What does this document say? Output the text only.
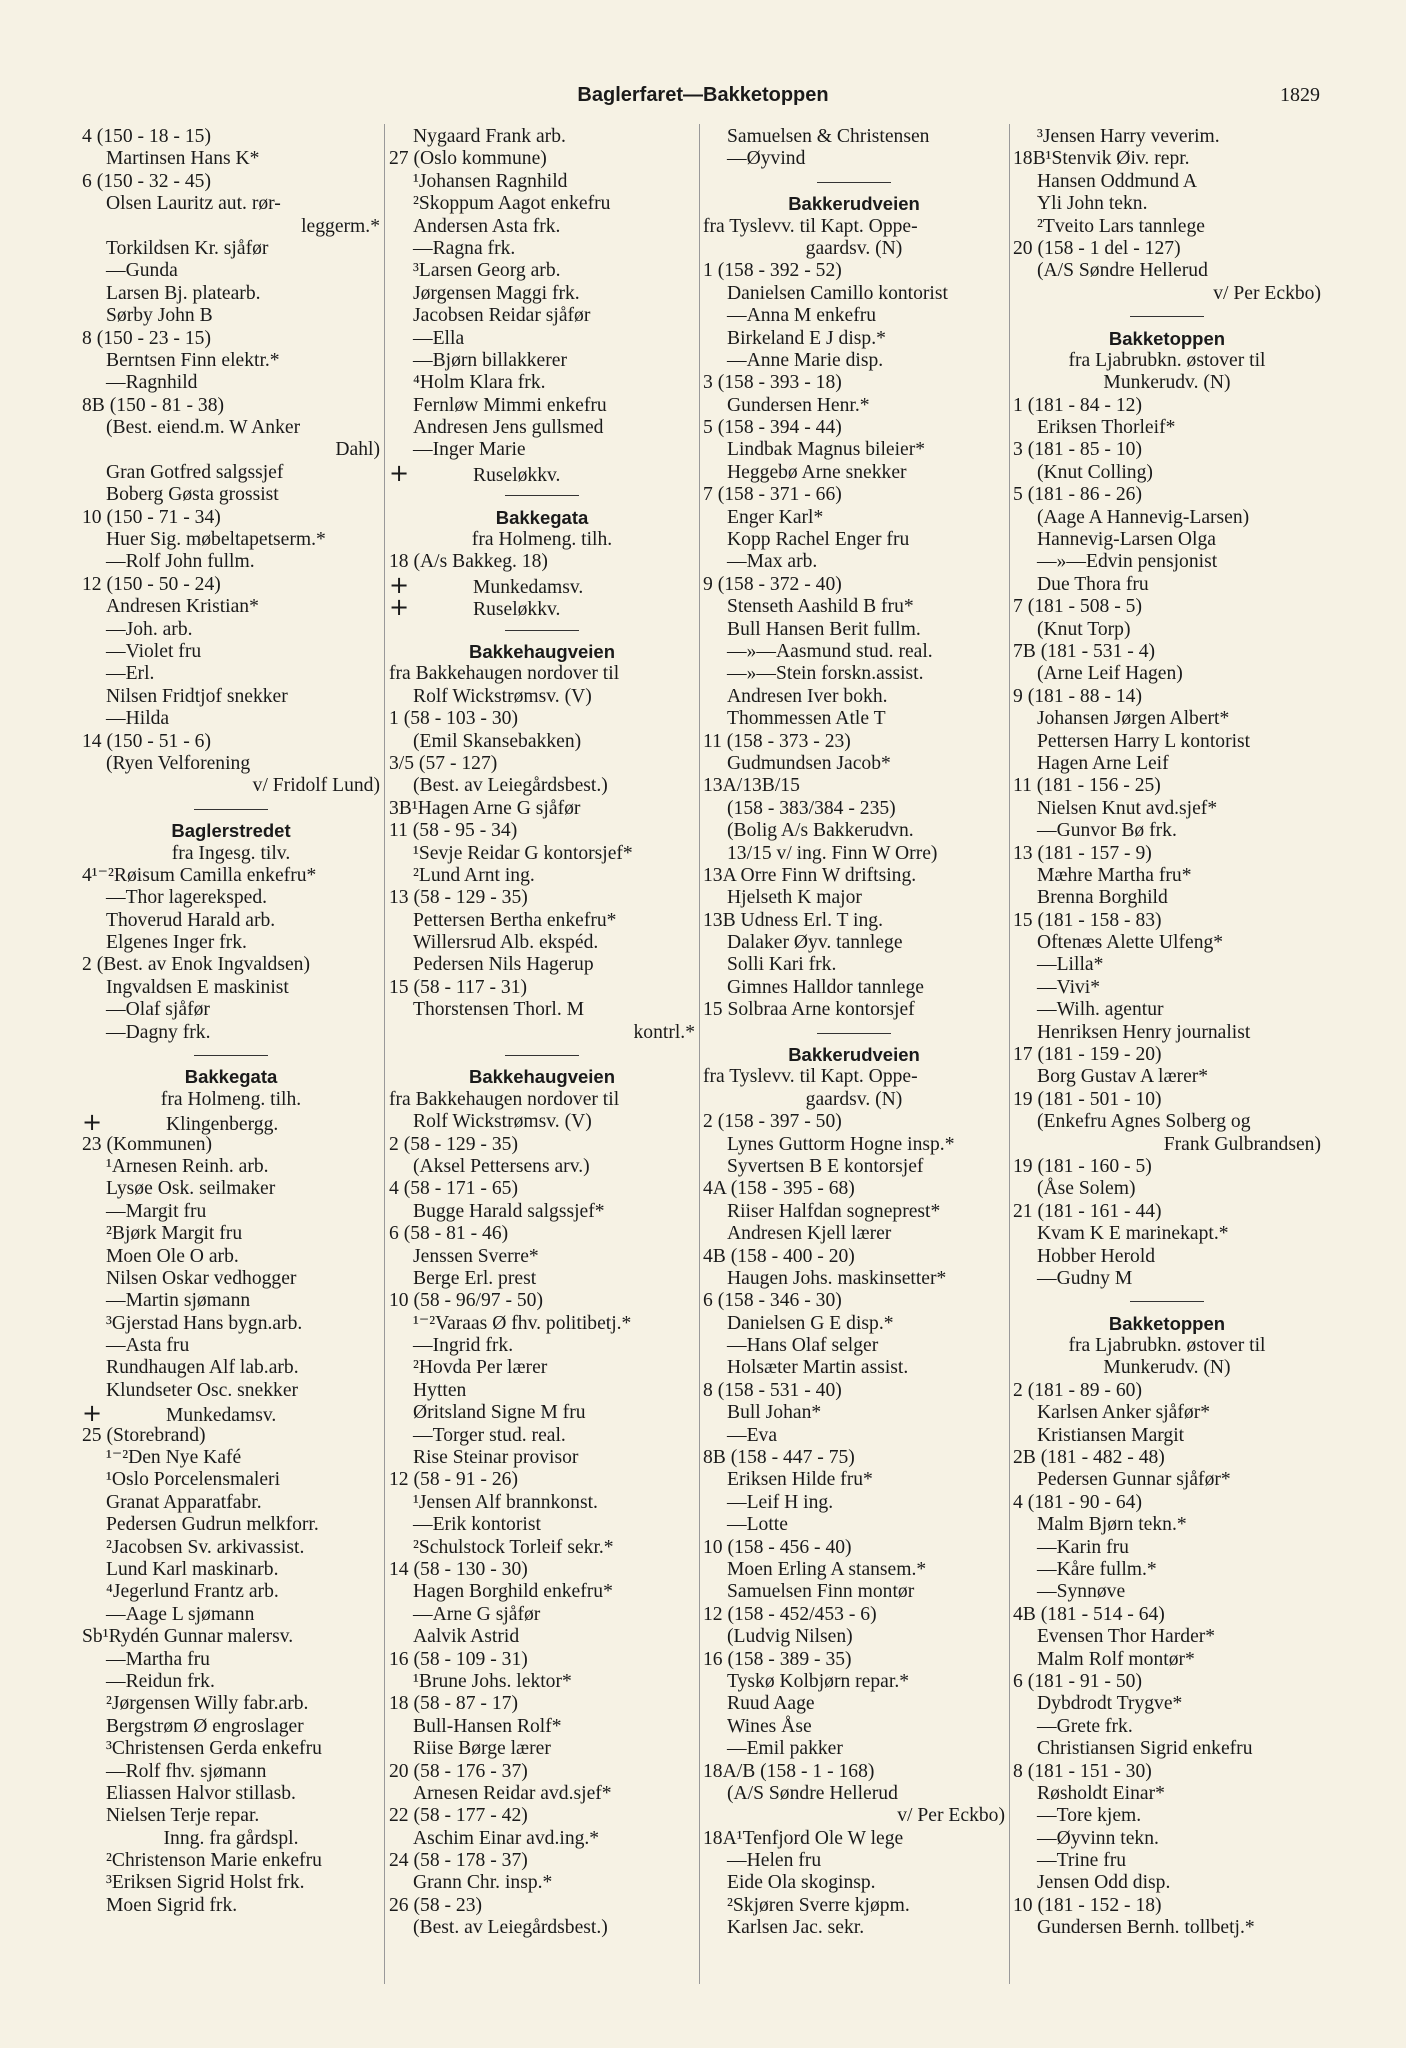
Baglerfaret—Bakketoppen	1829
4 (150 - 18 - 15)
Martinsen Hans K*
6 (150 - 32 - 45)
Olsen Lauritz aut. rør-
leggerm.*
Torkildsen Kr. sjåfør
—Gunda
Larsen Bj. platearb.
Sørby John B
8 (150 - 23 - 15)
Berntsen Finn elektr.*
—Ragnhild
8B (150 - 81 - 38)
(Best. eiend.m. W Anker
Dahl)
Gran Gotfred salgssjef
Boberg Gøsta grossist
10 (150 - 71 - 34)
Huer Sig. møbeltapetserm.*
—Rolf John fullm.
12 (150 - 50 - 24)
Andresen Kristian*
—Joh. arb.
—Violet fru
—Erl.
Nilsen Fridtjof snekker
—Hilda
14 (150 - 51 - 6)
(Ryen Velforening
v/ Fridolf Lund)
Baglerstredet
fra Ingesg. tilv.
4¹⁻²Røisum Camilla enkefru*
—Thor lagereksped.
Thoverud Harald arb.
Elgenes Inger frk.
2 (Best. av Enok Ingvaldsen)
Ingvaldsen E maskinist
—Olaf sjåfør
—Dagny frk.
Bakkegata
fra Holmeng. tilh.
+	Klingenbergg.
23 (Kommunen)
¹Arnesen Reinh. arb.
Lysøe Osk. seilmaker
—Margit fru
²Bjørk Margit fru
Moen Ole O arb.
Nilsen Oskar vedhogger
—Martin sjømann
³Gjerstad Hans bygn.arb.
—Asta fru
Rundhaugen Alf lab.arb.
Klundseter Osc. snekker
+	Munkedamsv.
25 (Storebrand)
¹⁻²Den Nye Kafé
¹Oslo Porcelensmaleri
Granat Apparatfabr.
Pedersen Gudrun melkforr.
²Jacobsen Sv. arkivassist.
Lund Karl maskinarb.
⁴Jegerlund Frantz arb.
—Aage L sjømann
Sb¹Rydén Gunnar malersv.
—Martha fru
—Reidun frk.
²Jørgensen Willy fabr.arb.
Bergstrøm Ø engroslager
³Christensen Gerda enkefru
—Rolf fhv. sjømann
Eliassen Halvor stillasb.
Nielsen Terje repar.
Inng. fra gårdspl.
²Christenson Marie enkefru
³Eriksen Sigrid Holst frk.
Moen Sigrid frk.
Nygaard Frank arb.
27 (Oslo kommune)
¹Johansen Ragnhild
²Skoppum Aagot enkefru
Andersen Asta frk.
—Ragna frk.
³Larsen Georg arb.
Jørgensen Maggi frk.
Jacobsen Reidar sjåfør
—Ella
—Bjørn billakkerer
⁴Holm Klara frk.
Fernløw Mimmi enkefru
Andresen Jens gullsmed
—Inger Marie
+	Ruseløkkv.
Bakkegata
fra Holmeng. tilh.
18 (A/s Bakkeg. 18)
+	Munkedamsv.
+	Ruseløkkv.
Bakkehaugveien
fra Bakkehaugen nordover til
Rolf Wickstrømsv. (V)
1 (58 - 103 - 30)
(Emil Skansebakken)
3/5 (57 - 127)
(Best. av Leiegårdsbest.)
3B¹Hagen Arne G sjåfør
11 (58 - 95 - 34)
¹Sevje Reidar G kontorsjef*
²Lund Arnt ing.
13 (58 - 129 - 35)
Pettersen Bertha enkefru*
Willersrud Alb. ekspéd.
Pedersen Nils Hagerup
15 (58 - 117 - 31)
Thorstensen Thorl. M
kontrl.*
Bakkehaugveien
fra Bakkehaugen nordover til
Rolf Wickstrømsv. (V)
2 (58 - 129 - 35)
(Aksel Pettersens arv.)
4 (58 - 171 - 65)
Bugge Harald salgssjef*
6 (58 - 81 - 46)
Jenssen Sverre*
Berge Erl. prest
10 (58 - 96/97 - 50)
¹⁻²Varaas Ø fhv. politibetj.*
—Ingrid frk.
²Hovda Per lærer
Hytten
Øritsland Signe M fru
—Torger stud. real.
Rise Steinar provisor
12 (58 - 91 - 26)
¹Jensen Alf brannkonst.
—Erik kontorist
²Schulstock Torleif sekr.*
14 (58 - 130 - 30)
Hagen Borghild enkefru*
—Arne G sjåfør
Aalvik Astrid
16 (58 - 109 - 31)
¹Brune Johs. lektor*
18 (58 - 87 - 17)
Bull-Hansen Rolf*
Riise Børge lærer
20 (58 - 176 - 37)
Arnesen Reidar avd.sjef*
22 (58 - 177 - 42)
Aschim Einar avd.ing.*
24 (58 - 178 - 37)
Grann Chr. insp.*
26 (58 - 23)
(Best. av Leiegårdsbest.)
Samuelsen & Christensen
—Øyvind
Bakkerudveien
fra Tyslevv. til Kapt. Oppe-
gaardsv. (N)
1 (158 - 392 - 52)
Danielsen Camillo kontorist
—Anna M enkefru
Birkeland E J disp.*
—Anne Marie disp.
3 (158 - 393 - 18)
Gundersen Henr.*
5 (158 - 394 - 44)
Lindbak Magnus bileier*
Heggebø Arne snekker
7 (158 - 371 - 66)
Enger Karl*
Kopp Rachel Enger fru
—Max arb.
9 (158 - 372 - 40)
Stenseth Aashild B fru*
Bull Hansen Berit fullm.
—»—Aasmund stud. real.
—»—Stein forskn.assist.
Andresen Iver bokh.
Thommessen Atle T
11 (158 - 373 - 23)
Gudmundsen Jacob*
13A/13B/15
(158 - 383/384 - 235)
(Bolig A/s Bakkerudvn.
13/15 v/ ing. Finn W Orre)
13A Orre Finn W driftsing.
Hjelseth K major
13B Udness Erl. T ing.
Dalaker Øyv. tannlege
Solli Kari frk.
Gimnes Halldor tannlege
15 Solbraa Arne kontorsjef
Bakkerudveien
fra Tyslevv. til Kapt. Oppe-
gaardsv. (N)
2 (158 - 397 - 50)
Lynes Guttorm Hogne insp.*
Syvertsen B E kontorsjef
4A (158 - 395 - 68)
Riiser Halfdan sogneprest*
Andresen Kjell lærer
4B (158 - 400 - 20)
Haugen Johs. maskinsetter*
6 (158 - 346 - 30)
Danielsen G E disp.*
—Hans Olaf selger
Holsæter Martin assist.
8 (158 - 531 - 40)
Bull Johan*
—Eva
8B (158 - 447 - 75)
Eriksen Hilde fru*
—Leif H ing.
—Lotte
10 (158 - 456 - 40)
Moen Erling A stansem.*
Samuelsen Finn montør
12 (158 - 452/453 - 6)
(Ludvig Nilsen)
16 (158 - 389 - 35)
Tyskø Kolbjørn repar.*
Ruud Aage
Wines Åse
—Emil pakker
18A/B (158 - 1 - 168)
(A/S Søndre Hellerud
v/ Per Eckbo)
18A¹Tenfjord Ole W lege
—Helen fru
Eide Ola skoginsp.
²Skjøren Sverre kjøpm.
Karlsen Jac. sekr.
³Jensen Harry veverim.
18B¹Stenvik Øiv. repr.
Hansen Oddmund A
Yli John tekn.
²Tveito Lars tannlege
20 (158 - 1 del - 127)
(A/S Søndre Hellerud
v/ Per Eckbo)
Bakketoppen
fra Ljabrubkn. østover til
Munkerudv. (N)
1 (181 - 84 - 12)
Eriksen Thorleif*
3 (181 - 85 - 10)
(Knut Colling)
5 (181 - 86 - 26)
(Aage A Hannevig-Larsen)
Hannevig-Larsen Olga
—»—Edvin pensjonist
Due Thora fru
7 (181 - 508 - 5)
(Knut Torp)
7B (181 - 531 - 4)
(Arne Leif Hagen)
9 (181 - 88 - 14)
Johansen Jørgen Albert*
Pettersen Harry L kontorist
Hagen Arne Leif
11 (181 - 156 - 25)
Nielsen Knut avd.sjef*
—Gunvor Bø frk.
13 (181 - 157 - 9)
Mæhre Martha fru*
Brenna Borghild
15 (181 - 158 - 83)
Oftenæs Alette Ulfeng*
—Lilla*
—Vivi*
—Wilh. agentur
Henriksen Henry journalist
17 (181 - 159 - 20)
Borg Gustav A lærer*
19 (181 - 501 - 10)
(Enkefru Agnes Solberg og
Frank Gulbrandsen)
19 (181 - 160 - 5)
(Åse Solem)
21 (181 - 161 - 44)
Kvam K E marinekapt.*
Hobber Herold
—Gudny M
Bakketoppen
fra Ljabrubkn. østover til
Munkerudv. (N)
2 (181 - 89 - 60)
Karlsen Anker sjåfør*
Kristiansen Margit
2B (181 - 482 - 48)
Pedersen Gunnar sjåfør*
4 (181 - 90 - 64)
Malm Bjørn tekn.*
—Karin fru
—Kåre fullm.*
—Synnøve
4B (181 - 514 - 64)
Evensen Thor Harder*
Malm Rolf montør*
6 (181 - 91 - 50)
Dybdrodt Trygve*
—Grete frk.
Christiansen Sigrid enkefru
8 (181 - 151 - 30)
Røsholdt Einar*
—Tore kjem.
—Øyvinn tekn.
—Trine fru
Jensen Odd disp.
10 (181 - 152 - 18)
Gundersen Bernh. tollbetj.*
